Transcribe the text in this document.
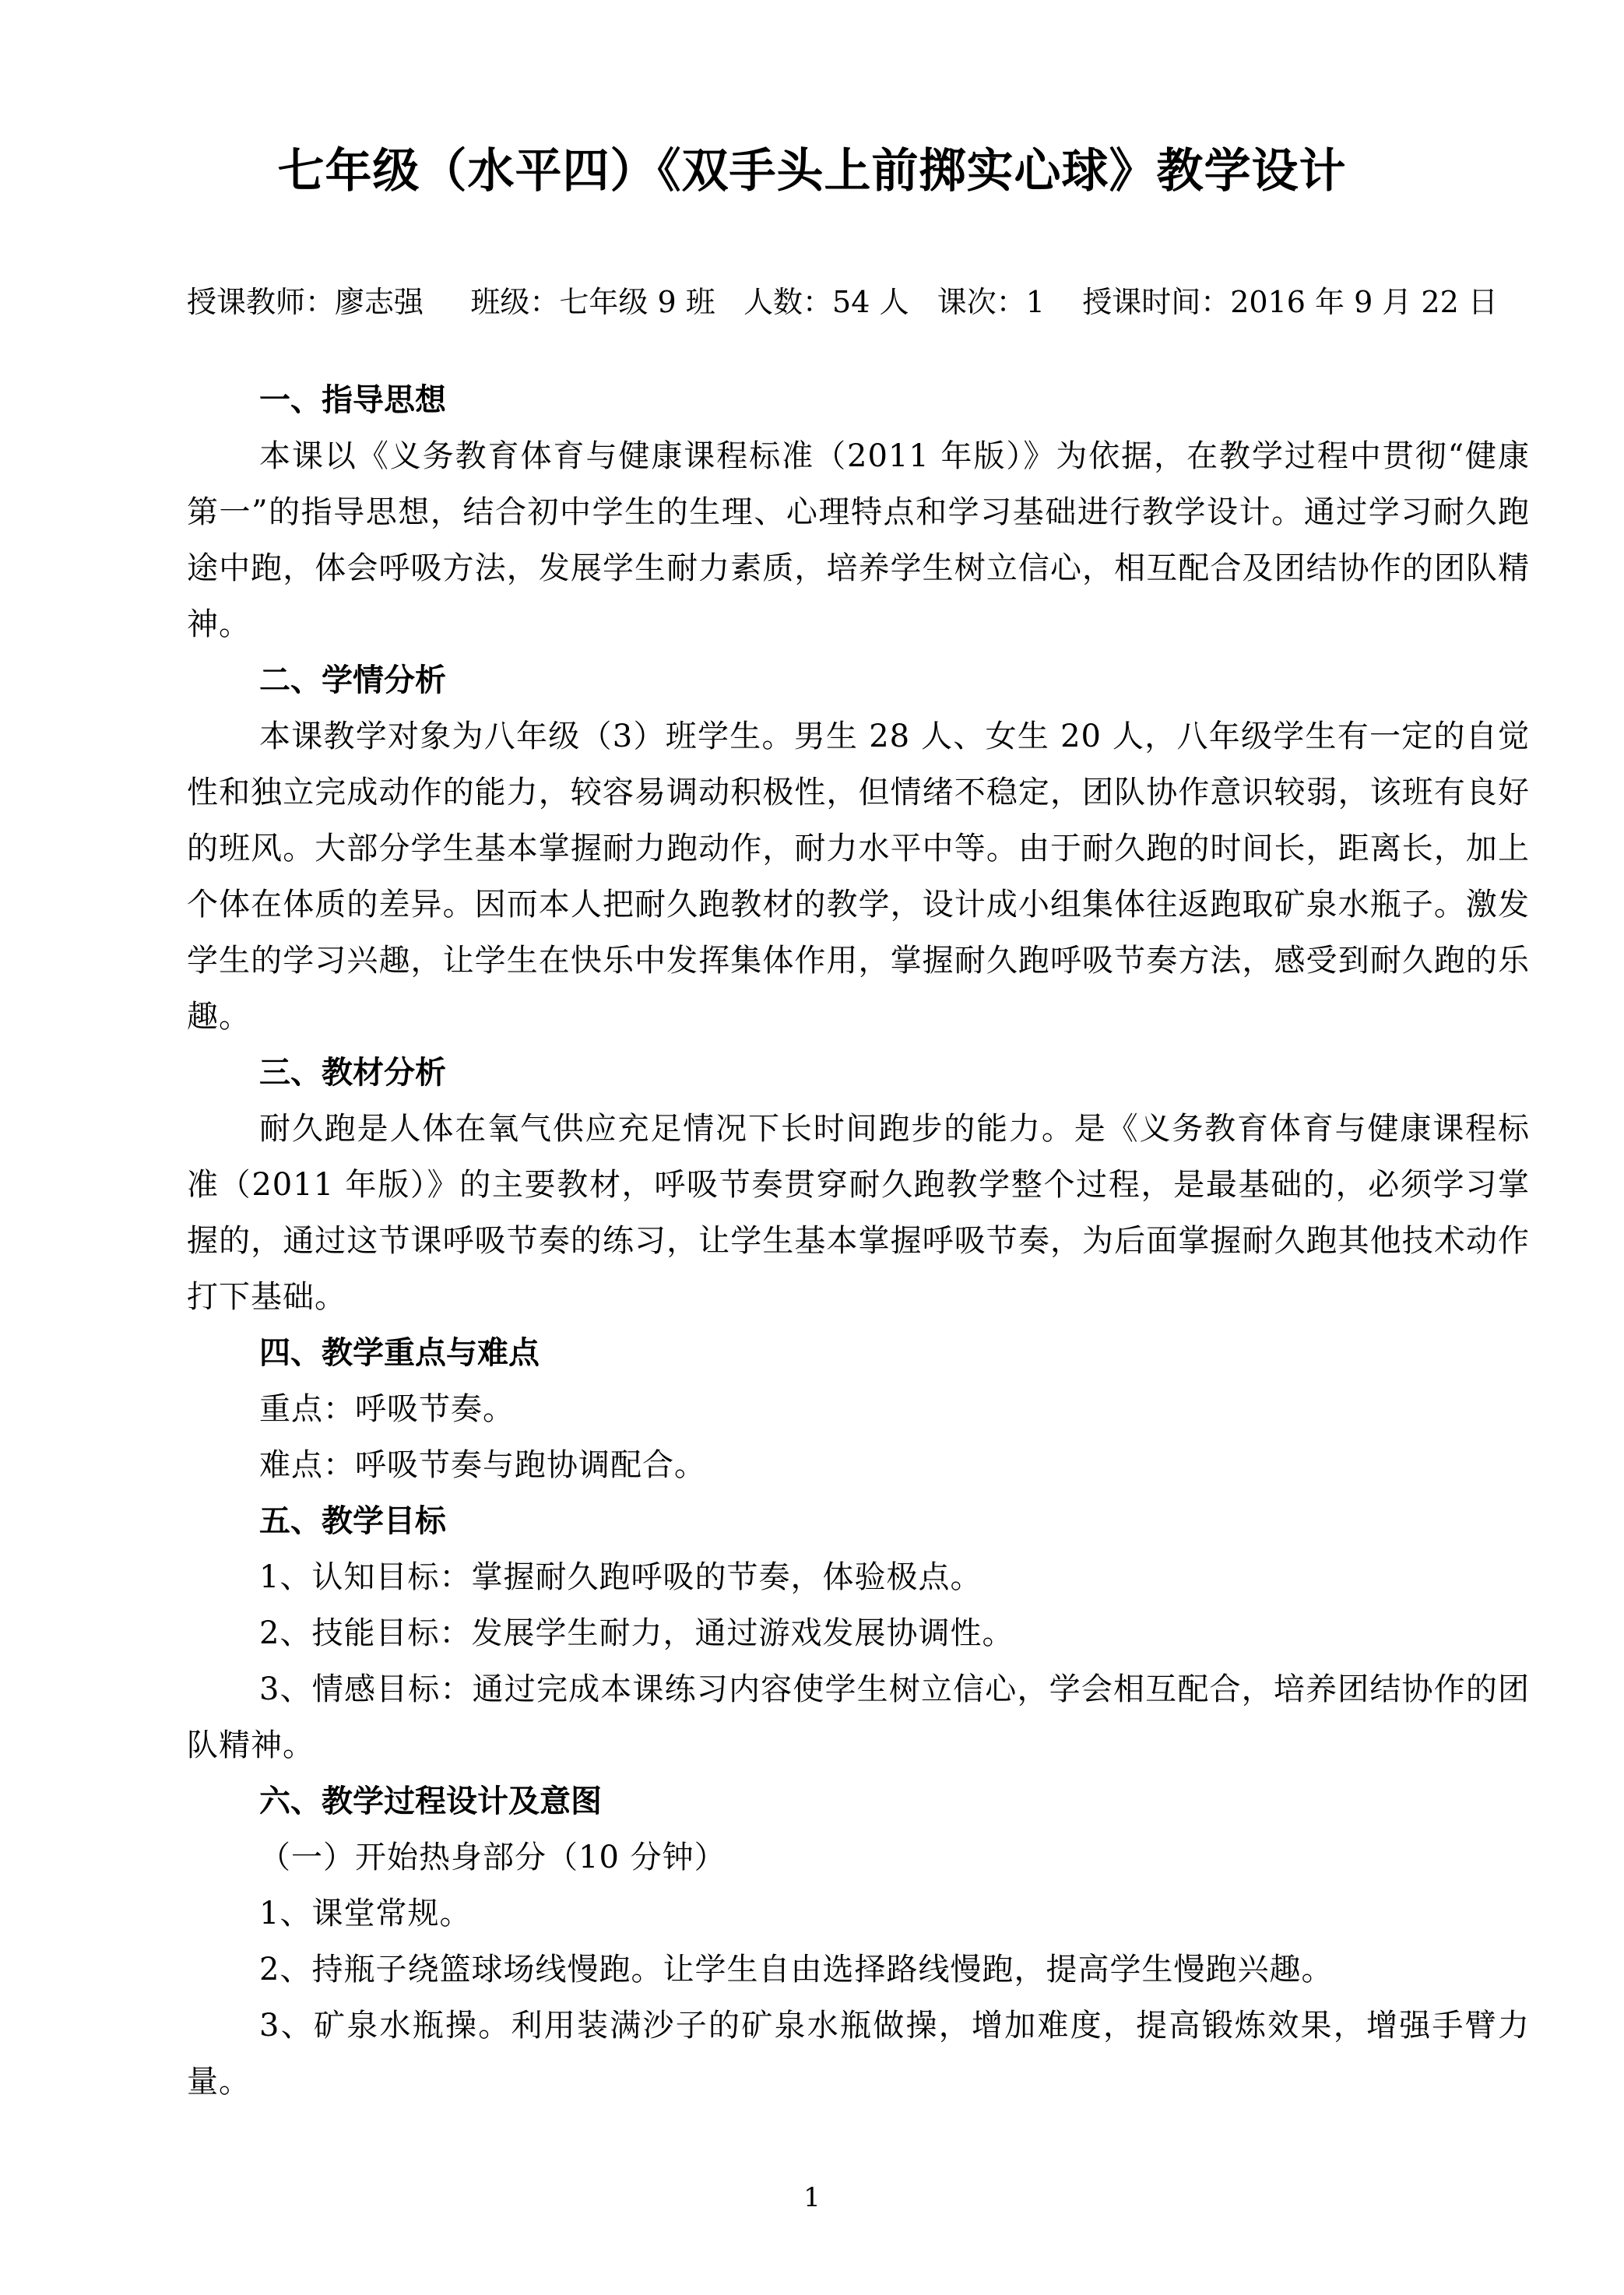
七年级（水平四）《双手头上前掷实心球》教学设计
授课教师：廖志强 班级：七年级 9 班 人数：54 人 课次：1 授课时间：2016 年 9 月 22 日
一、指导思想

本课以《义务教育体育与健康课程标准（2011 年版）》为依据，在教学过程中贯彻“健康第一”的指导思想，结合初中学生的生理、心理特点和学习基础进行教学设计。通过学习耐久跑途中跑，体会呼吸方法，发展学生耐力素质，培养学生树立信心，相互配合及团结协作的团队精神。

二、学情分析

本课教学对象为八年级（3）班学生。男生 28 人、女生 20 人，八年级学生有一定的自觉性和独立完成动作的能力，较容易调动积极性，但情绪不稳定，团队协作意识较弱，该班有良好的班风。大部分学生基本掌握耐力跑动作，耐力水平中等。由于耐久跑的时间长，距离长，加上个体在体质的差异。因而本人把耐久跑教材的教学，设计成小组集体往返跑取矿泉水瓶子。激发学生的学习兴趣，让学生在快乐中发挥集体作用，掌握耐久跑呼吸节奏方法，感受到耐久跑的乐趣。

三、教材分析

耐久跑是人体在氧气供应充足情况下长时间跑步的能力。是《义务教育体育与健康课程标准（2011 年版）》的主要教材，呼吸节奏贯穿耐久跑教学整个过程，是最基础的，必须学习掌握的，通过这节课呼吸节奏的练习，让学生基本掌握呼吸节奏，为后面掌握耐久跑其他技术动作打下基础。

四、教学重点与难点
重点：呼吸节奏。
难点：呼吸节奏与跑协调配合。
五、教学目标
1、认知目标：掌握耐久跑呼吸的节奏，体验极点。
2、技能目标：发展学生耐力，通过游戏发展协调性。

3、情感目标：通过完成本课练习内容使学生树立信心，学会相互配合，培养团结协作的团队精神。

六、教学过程设计及意图
（一）开始热身部分（10 分钟）
1、课堂常规。
2、持瓶子绕篮球场线慢跑。让学生自由选择路线慢跑，提高学生慢跑兴趣。

3、矿泉水瓶操。利用装满沙子的矿泉水瓶做操，增加难度，提高锻炼效果，增强手臂力量。

1
